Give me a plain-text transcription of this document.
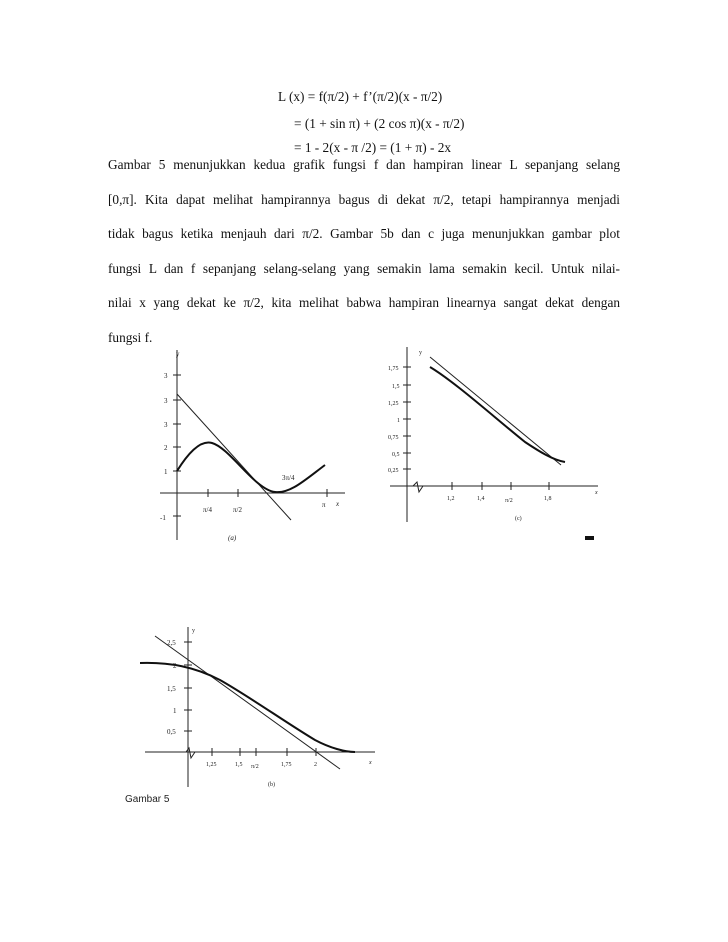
L (x) = f(π/2) + f’(π/2)(x - π/2)
= (1 + sin π) + (2 cos π)(x - π/2)
= 1 - 2(x - π /2) = (1 + π) - 2x
Gambar 5 menunjukkan kedua grafik fungsi f dan hampiran linear L sepanjang selang
[0,π]. Kita dapat melihat hampirannya bagus di dekat π/2, tetapi hampirannya menjadi
tidak bagus ketika menjauh dari π/2. Gambar 5b dan c juga menunjukkan gambar plot
fungsi L dan f sepanjang selang-selang yang semakin lama semakin kecil. Untuk nilai-
nilai x yang dekat ke π/2, kita melihat babwa hampiran linearnya sangat dekat dengan
fungsi f.
y
x
3
3
3
2
1
-1
π/4	π/2
π
3π/4
(a)
y
x
1,75
1,5
1,25
1
0,75
0,5
0,25
1,2	1,4	π/2	1,8
(c)
y
x
2,5
2
1,5
1
0,5
1,25	1,5 π/2	1,75	2
(b)
Gambar 5
